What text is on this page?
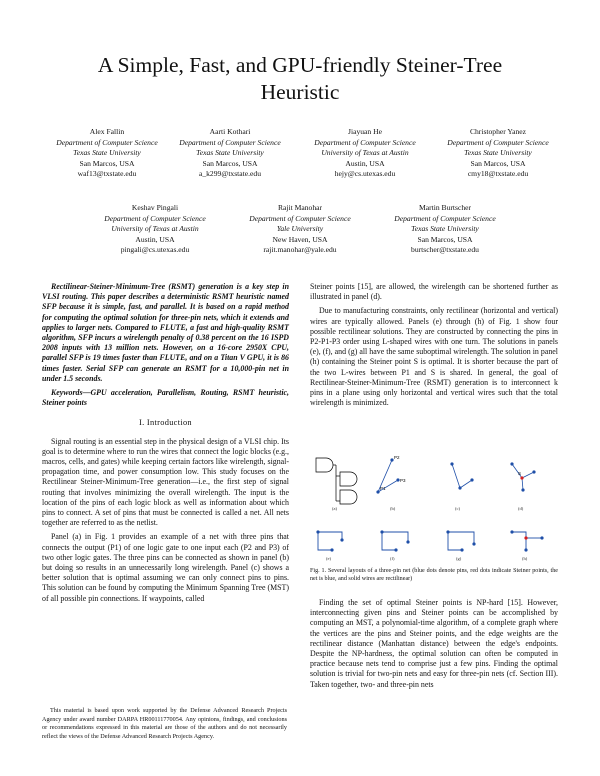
A Simple, Fast, and GPU-friendly Steiner-Tree Heuristic
Alex Fallin
Department of Computer Science
Texas State University
San Marcos, USA
waf13@txstate.edu
Aarti Kothari
Department of Computer Science
Texas State University
San Marcos, USA
a_k299@txstate.edu
Jiayuan He
Department of Computer Science
University of Texas at Austin
Austin, USA
hejy@cs.utexas.edu
Christopher Yanez
Department of Computer Science
Texas State University
San Marcos, USA
cmy18@txstate.edu
Keshav Pingali
Department of Computer Science
University of Texas at Austin
Austin, USA
pingali@cs.utexas.edu
Rajit Manohar
Department of Computer Science
Yale University
New Haven, USA
rajit.manohar@yale.edu
Martin Burtscher
Department of Computer Science
Texas State University
San Marcos, USA
burtscher@txstate.edu

Rectilinear-Steiner-Minimum-Tree (RSMT) generation is a key step in VLSI routing. This paper describes a deterministic RSMT heuristic named SFP because it is simple, fast, and parallel. It is based on a rapid method for computing the optimal solution for three-pin nets, which it extends and applies to larger nets. Compared to FLUTE, a fast and high-quality RSMT algorithm, SFP incurs a wirelength penalty of 0.38 percent on the 16 ISPD 2008 inputs with 13 million nets. However, on a 16-core 2950X CPU, parallel SFP is 19 times faster than FLUTE, and on a Titan V GPU, it is 86 times faster. Serial SFP can generate an RSMT for a 10,000-pin net in under 1.5 seconds.

Keywords—GPU acceleration, Parallelism, Routing, RSMT heuristic, Steiner points

I. Introduction

Signal routing is an essential step in the physical design of a VLSI chip. Its goal is to determine where to run the wires that connect the logic blocks (e.g., macros, cells, and gates) while keeping certain factors like wirelength, signal-propagation time, and power consumption low. This study focuses on the Rectilinear Steiner-Minimum-Tree generation—i.e., the first step of signal routing that involves minimizing the overall wirelength. The input is the location of the pins of each logic block as well as information about which pins to connect. A set of pins that must be connected is called a net. All nets together are referred to as the netlist.

Panel (a) in Fig. 1 provides an example of a net with three pins that connects the output (P1) of one logic gate to one input each (P2 and P3) of two other logic gates. The three pins can be connected as shown in panel (b) but doing so results in an unnecessarily long wirelength. Panel (c) shows a better solution that is optimal assuming we can only connect pins to pins. This solution can be found by computing the Minimum Spanning Tree (MST) of all possible pin connections. If waypoints, called

This material is based upon work supported by the Defense Advanced Research Projects Agency under award number DARPA HR00111770054. Any opinions, findings, and conclusions or recommendations expressed in this material are those of the authors and do not necessarily reflect the views of the Defense Advanced Research Projects Agency.

Steiner points [15], are allowed, the wirelength can be shortened further as illustrated in panel (d).

Due to manufacturing constraints, only rectilinear (horizontal and vertical) wires are typically allowed. Panels (e) through (h) of Fig. 1 show four possible rectilinear solutions. They are constructed by connecting the pins in P2-P1-P3 order using L-shaped wires with one turn. The solutions in panels (e), (f), and (g) all have the same suboptimal wirelength. The solution in panel (h) containing the Steiner point S is optimal. It is shorter because the part of the two L-wires between P1 and S is shared. In general, the goal of Rectilinear-Steiner-Minimum-Tree (RSMT) generation is to interconnect k pins in a plane using only horizontal and vertical wires such that the total wirelength is minimized.

(a)
P1
P2
P3
(b)	(c)
S
(d)
(e)	(f)	(g)	(h)
Fig. 1. Several layouts of a three-pin net (blue dots denote pins, red dots indicate Steiner points, the net is blue, and solid wires are rectilinear)

Finding the set of optimal Steiner points is NP-hard [15]. However, interconnecting given pins and Steiner points can be accomplished by computing an MST, a polynomial-time algorithm, of a complete graph where the vertices are the pins and Steiner points, and the edge weights are the rectilinear distance (Manhattan distance) between the edge's endpoints. Despite the NP-hardness, the optimal solution can often be computed in practice because nets tend to comprise just a few pins. Finding the optimal solution is trivial for two-pin nets and easy for three-pin nets (cf. Section III). Taken together, two- and three-pin nets
